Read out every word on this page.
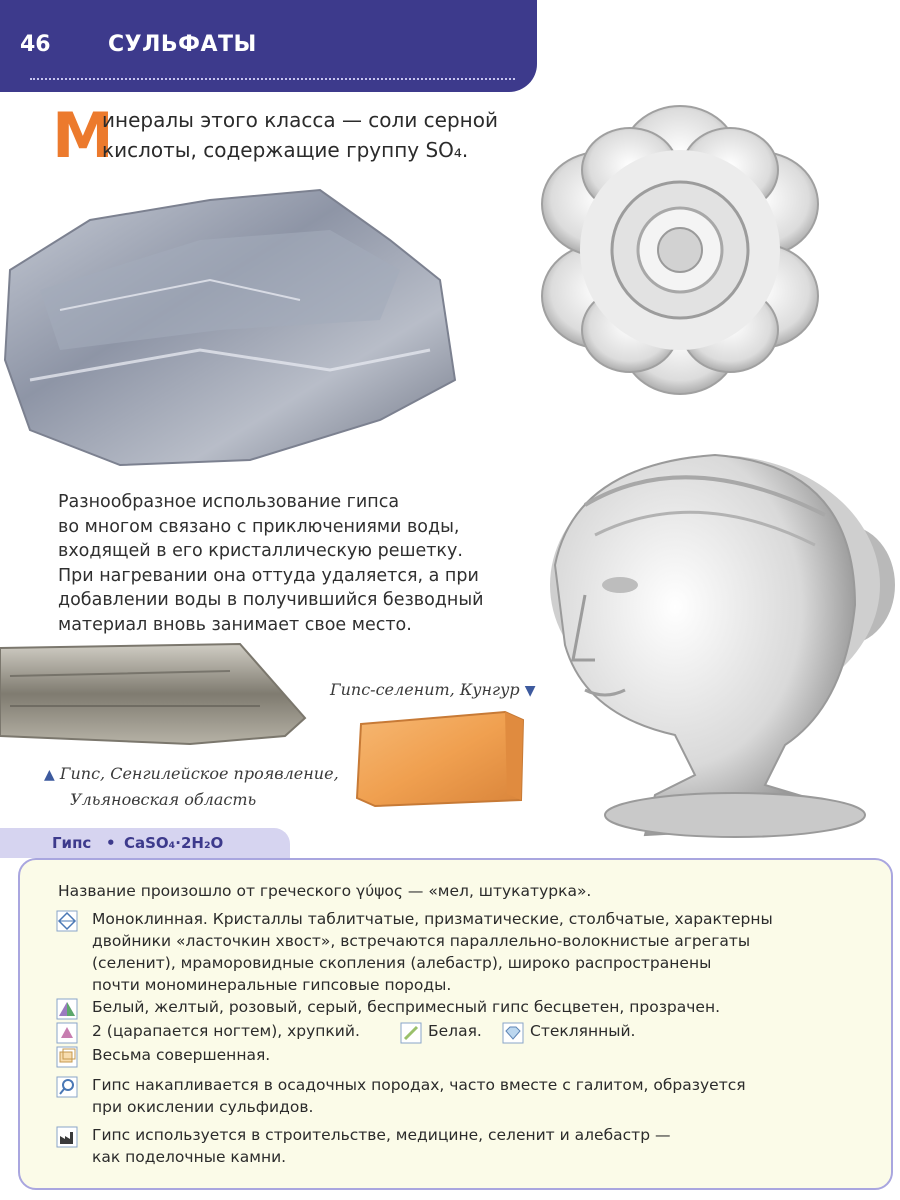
46	СУЛЬФАТЫ
М
инералы этого класса — соли серной
кислоты, содержащие группу SO₄.
Разнообразное использование гипса
во многом связано с приключениями воды,
входящей в его кристаллическую решетку.
При нагревании она оттуда удаляется, а при
добавлении воды в получившийся безводный
материал вновь занимает свое место.
Гипс-селенит, Кунгур ▼
▲ Гипс, Сенгилейское проявление,
Ульяновская область
Гипс • CaSO₄·2H₂O
Название произошло от греческого γύψος — «мел, штукатурка».
Моноклинная. Кристаллы таблитчатые, призматические, столбчатые, характерны
двойники «ласточкин хвост», встречаются параллельно-волокнистые агрегаты
(селенит), мраморовидные скопления (алебастр), широко распространены
почти мономинеральные гипсовые породы.
Белый, желтый, розовый, серый, беспримесный гипс бесцветен, прозрачен.
2 (царапается ногтем), хрупкий.	Белая.	Стеклянный.
Весьма совершенная.
Гипс накапливается в осадочных породах, часто вместе с галитом, образуется
при окислении сульфидов.
Гипс используется в строительстве, медицине, селенит и алебастр —
как поделочные камни.
